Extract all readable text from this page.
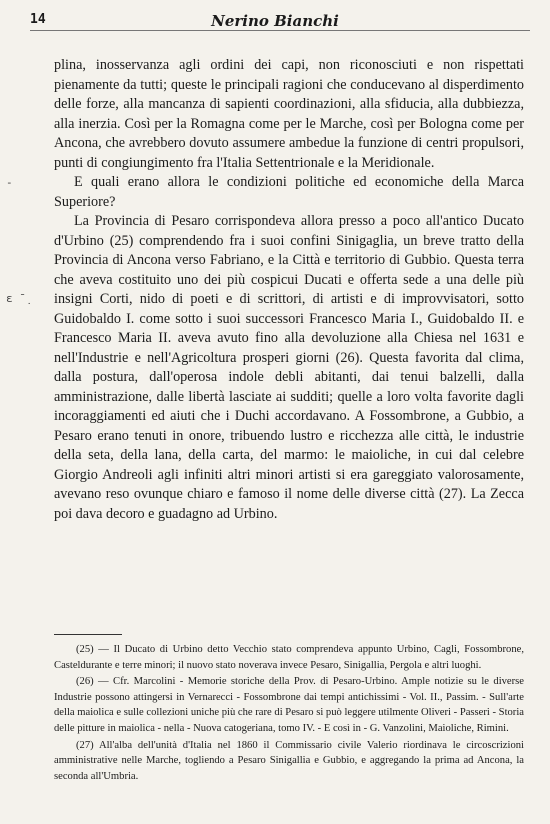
14	Nerino Bianchi
-
ɛ ̄ ̣

plina, inosservanza agli ordini dei capi, non riconosciuti e non rispettati pienamente da tutti; queste le principali ragioni che conducevano al disperdimento delle forze, alla mancanza di sapienti coordinazioni, alla sfiducia, alla dubbiezza, alla inerzia. Così per la Romagna come per le Marche, così per Bologna come per Ancona, che avrebbero dovuto assumere ambedue la funzione di centri propulsori, punti di congiungimento fra l'Italia Settentrionale e la Meridionale.

E quali erano allora le condizioni politiche ed economiche della Marca Superiore?

La Provincia di Pesaro corrispondeva allora presso a poco all'antico Ducato d'Urbino (25) comprendendo fra i suoi confini Sinigaglia, un breve tratto della Provincia di Ancona verso Fabriano, e la Città e territorio di Gubbio. Questa terra che aveva costituito uno dei più cospicui Ducati e offerta sede a una delle più insigni Corti, nido di poeti e di scrittori, di artisti e di improvvisatori, sotto Guidobaldo I. come sotto i suoi successori Francesco Maria I., Guidobaldo II. e Francesco Maria II. aveva avuto fino alla devoluzione alla Chiesa nel 1631 e nell'Industrie e nell'Agricoltura prosperi giorni (26). Questa favorita dal clima, dalla postura, dall'operosa indole debli abitanti, dai tenui balzelli, dalla amministrazione, dalle libertà lasciate ai sudditi; quelle a loro volta favorite dagli incoraggiamenti ed aiuti che i Duchi accordavano. A Fossombrone, a Gubbio, a Pesaro erano tenuti in onore, tribuendo lustro e ricchezza alle città, le industrie della seta, della lana, della carta, del marmo: le maioliche, in cui dal celebre Giorgio Andreoli agli infiniti altri minori artisti si era gareggiato valorosamente, avevano reso ovunque chiaro e famoso il nome delle diverse città (27). La Zecca poi dava decoro e guadagno ad Urbino.

(25) — Il Ducato di Urbino detto Vecchio stato comprendeva appunto Urbino, Cagli, Fossombrone, Casteldurante e terre minori; il nuovo stato noverava invece Pesaro, Sinigallia, Pergola e altri luoghi.

(26) — Cfr. Marcolini - Memorie storiche della Prov. di Pesaro-Urbino. Ample notizie su le diverse Industrie possono attingersi in Vernarecci - Fossombrone dai tempi antichissimi - Vol. II., Passim. - Sull'arte della maiolica e sulle collezioni uniche più che rare di Pesaro si può leggere utilmente Oliveri - Passeri - Storia delle pitture in maiolica - nella - Nuova catogeriana, tomo IV. - E così in - G. Vanzolini, Maioliche, Rimini.

(27) All'alba dell'unità d'Italia nel 1860 il Commissario civile Valerio riordinava le circoscrizioni amministrative nelle Marche, togliendo a Pesaro Sinigallia e Gubbio, e aggregando la prima ad Ancona, la seconda all'Umbria.
